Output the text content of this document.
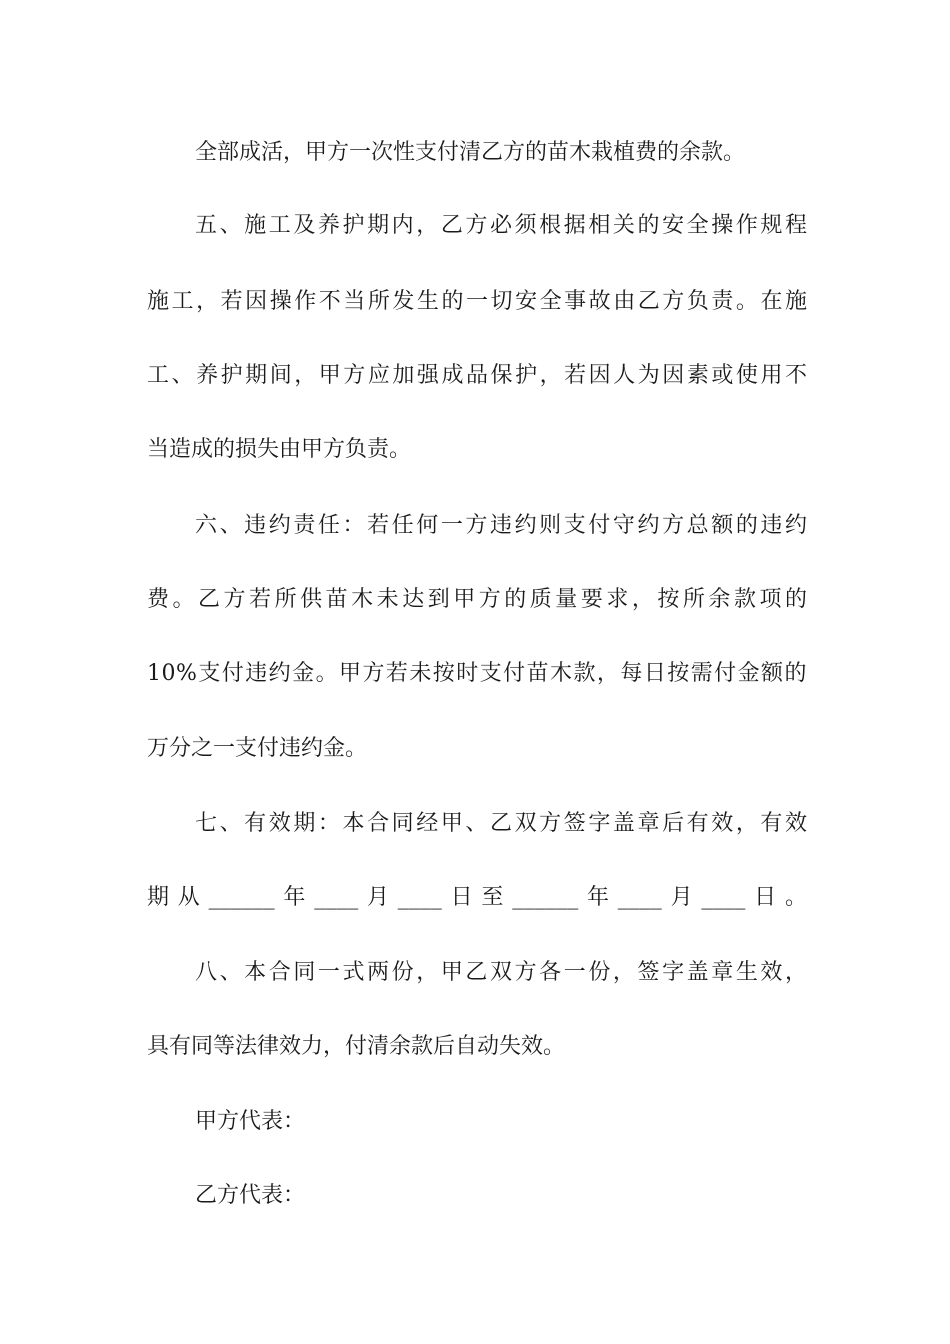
全部成活，甲方一次性支付清乙方的苗木栽植费的余款。
五、施工及养护期内，乙方必须根据相关的安全操作规程
施工，若因操作不当所发生的一切安全事故由乙方负责。在施
工、养护期间，甲方应加强成品保护，若因人为因素或使用不
当造成的损失由甲方负责。
六、违约责任：若任何一方违约则支付守约方总额的违约
费。乙方若所供苗木未达到甲方的质量要求，按所余款项的
10%支付违约金。甲方若未按时支付苗木款，每日按需付金额的
万分之一支付违约金。
七、有效期：本合同经甲、乙双方签字盖章后有效，有效
期从______年____月____日至______年____月____日。
八、本合同一式两份，甲乙双方各一份，签字盖章生效，
具有同等法律效力，付清余款后自动失效。
甲方代表：
乙方代表：
